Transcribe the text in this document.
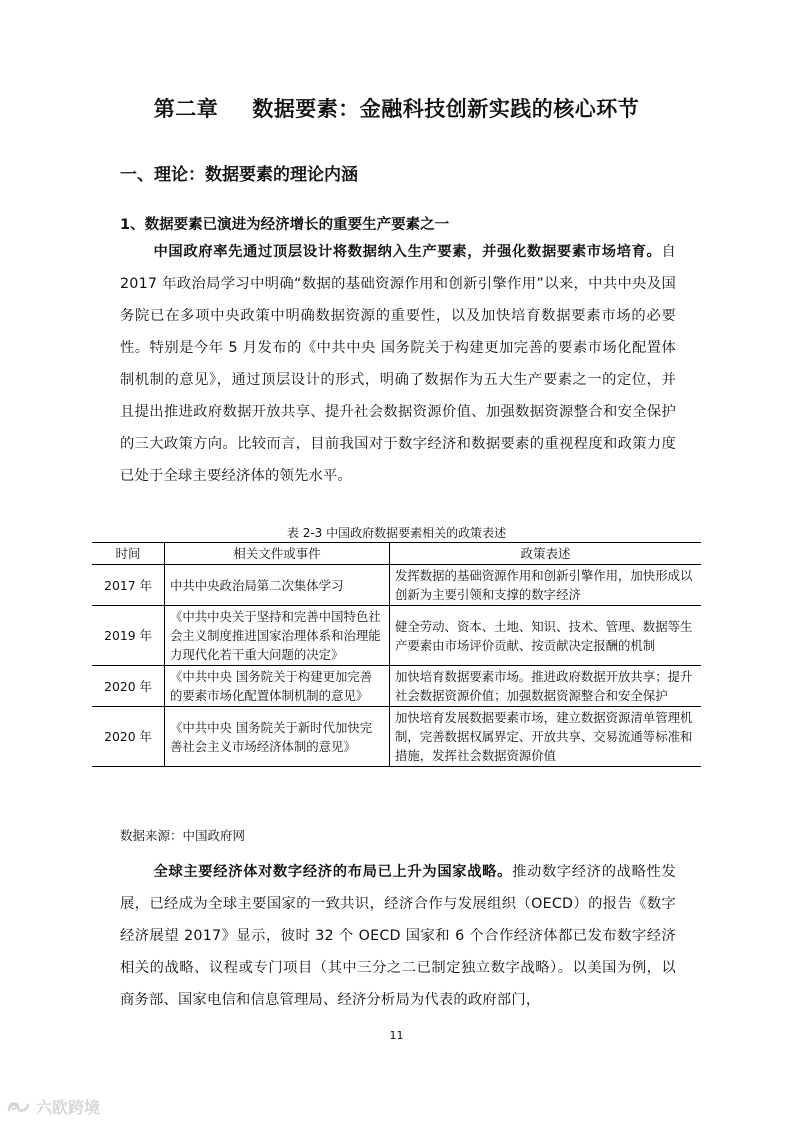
第二章 数据要素：金融科技创新实践的核心环节
一、理论：数据要素的理论内涵
1、数据要素已演进为经济增长的重要生产要素之一
中国政府率先通过顶层设计将数据纳入生产要素，并强化数据要素市场培育。自 2017 年政治局学习中明确“数据的基础资源作用和创新引擎作用”以来，中共中央及国务院已在多项中央政策中明确数据资源的重要性，以及加快培育数据要素市场的必要性。特别是今年 5 月发布的《中共中央 国务院关于构建更加完善的要素市场化配置体制机制的意见》，通过顶层设计的形式，明确了数据作为五大生产要素之一的定位，并且提出推进政府数据开放共享、提升社会数据资源价值、加强数据资源整合和安全保护的三大政策方向。比较而言，目前我国对于数字经济和数据要素的重视程度和政策力度已处于全球主要经济体的领先水平。
表 2-3 中国政府数据要素相关的政策表述
时间	相关文件或事件	政策表述
2017 年	中共中央政治局第二次集体学习	发挥数据的基础资源作用和创新引擎作用，加快形成以创新为主要引领和支撑的数字经济
2019 年	《中共中央关于坚持和完善中国特色社会主义制度推进国家治理体系和治理能力现代化若干重大问题的决定》	健全劳动、资本、土地、知识、技术、管理、数据等生产要素由市场评价贡献、按贡献决定报酬的机制
2020 年	《中共中央 国务院关于构建更加完善的要素市场化配置体制机制的意见》	加快培育数据要素市场。推进政府数据开放共享；提升社会数据资源价值；加强数据资源整合和安全保护
2020 年	《中共中央 国务院关于新时代加快完善社会主义市场经济体制的意见》	加快培育发展数据要素市场，建立数据资源清单管理机制，完善数据权属界定、开放共享、交易流通等标准和措施，发挥社会数据资源价值
数据来源：中国政府网
全球主要经济体对数字经济的布局已上升为国家战略。推动数字经济的战略性发展，已经成为全球主要国家的一致共识，经济合作与发展组织（OECD）的报告《数字经济展望 2017》显示，彼时 32 个 OECD 国家和 6 个合作经济体都已发布数字经济相关的战略、议程或专门项目（其中三分之二已制定独立数字战略）。以美国为例，以商务部、国家电信和信息管理局、经济分析局为代表的政府部门，
11
六欧跨境
